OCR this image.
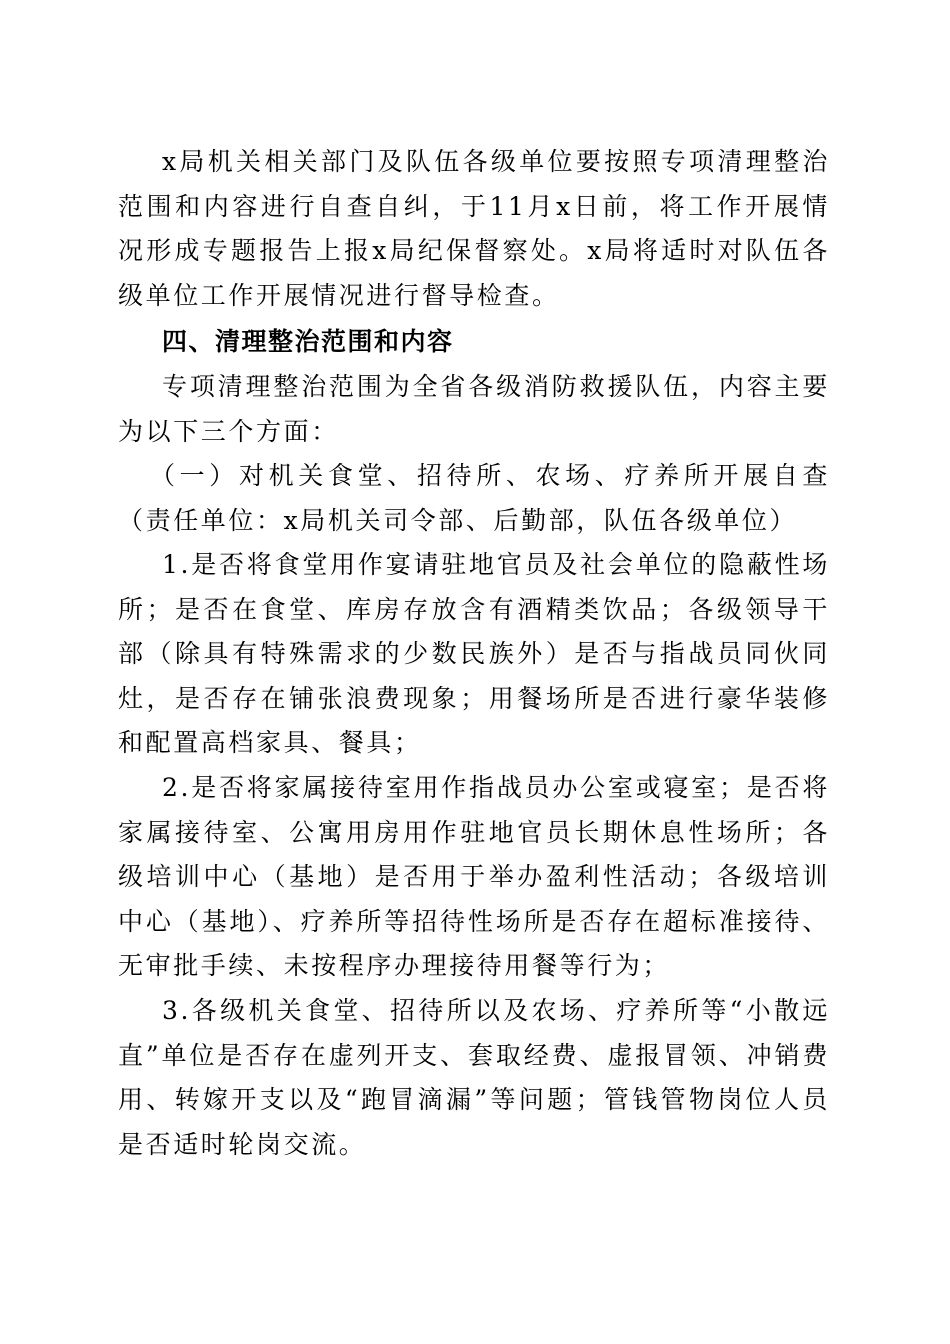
x局机关相关部门及队伍各级单位要按照专项清理整治范围和内容进行自查自纠，于11月x日前，将工作开展情况形成专题报告上报x局纪保督察处。x局将适时对队伍各级单位工作开展情况进行督导检查。

四、清理整治范围和内容

专项清理整治范围为全省各级消防救援队伍，内容主要为以下三个方面：

（一）对机关食堂、招待所、农场、疗养所开展自查（责任单位：x局机关司令部、后勤部，队伍各级单位）

1.是否将食堂用作宴请驻地官员及社会单位的隐蔽性场所；是否在食堂、库房存放含有酒精类饮品；各级领导干部（除具有特殊需求的少数民族外）是否与指战员同伙同灶，是否存在铺张浪费现象；用餐场所是否进行豪华装修和配置高档家具、餐具；

2.是否将家属接待室用作指战员办公室或寝室；是否将家属接待室、公寓用房用作驻地官员长期休息性场所；各级培训中心（基地）是否用于举办盈利性活动；各级培训中心（基地）、疗养所等招待性场所是否存在超标准接待、无审批手续、未按程序办理接待用餐等行为；

3.各级机关食堂、招待所以及农场、疗养所等“小散远直”单位是否存在虚列开支、套取经费、虚报冒领、冲销费用、转嫁开支以及“跑冒滴漏”等问题；管钱管物岗位人员是否适时轮岗交流。
